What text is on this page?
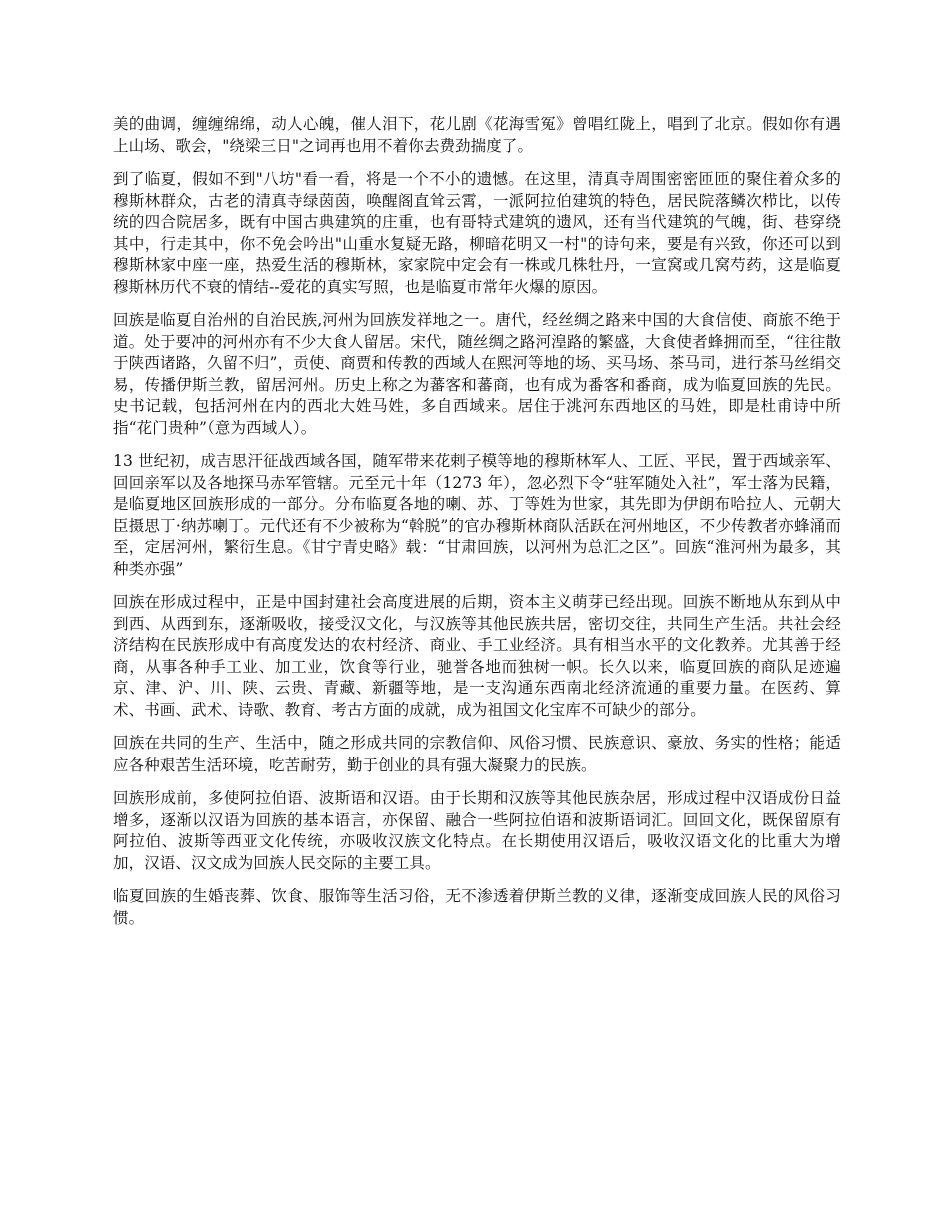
美的曲调，缠缠绵绵，动人心魄，催人泪下，花儿剧《花海雪冤》曾唱红陇上，唱到了北京。假如你有遇上山场、歌会，"绕梁三日"之词再也用不着你去费劲揣度了。

到了临夏，假如不到"八坊"看一看，将是一个不小的遗憾。在这里，清真寺周围密密匝匝的聚住着众多的穆斯林群众，古老的清真寺绿茵茵，唤醒阁直耸云霄，一派阿拉伯建筑的特色，居民院落鳞次栉比，以传统的四合院居多，既有中国古典建筑的庄重，也有哥特式建筑的遗风，还有当代建筑的气魄，街、巷穿绕其中，行走其中，你不免会吟出"山重水复疑无路，柳暗花明又一村"的诗句来，要是有兴致，你还可以到穆斯林家中座一座，热爱生活的穆斯林，家家院中定会有一株或几株牡丹，一宣窝或几窝芍药，这是临夏穆斯林历代不衰的情结--爱花的真实写照，也是临夏市常年火爆的原因。

回族是临夏自治州的自治民族,河州为回族发祥地之一。唐代，经丝绸之路来中国的大食信使、商旅不绝于道。处于要冲的河州亦有不少大食人留居。宋代，随丝绸之路河湟路的繁盛，大食使者蜂拥而至，“往往散于陕西诸路，久留不归”，贡使、商贾和传教的西域人在熙河等地的场、买马场、茶马司，进行茶马丝绢交易，传播伊斯兰教，留居河州。历史上称之为蕃客和蕃商，也有成为番客和番商，成为临夏回族的先民。史书记载，包括河州在内的西北大姓马姓，多自西域来。居住于洮河东西地区的马姓，即是杜甫诗中所指“花门贵种”（意为西域人）。

13 世纪初，成吉思汗征战西域各国，随军带来花剌子模等地的穆斯林军人、工匠、平民，置于西域亲军、回回亲军以及各地探马赤军管辖。元至元十年（1273 年），忽必烈下令“驻军随处入社”，军士落为民籍，是临夏地区回族形成的一部分。分布临夏各地的喇、苏、丁等姓为世家，其先即为伊朗布哈拉人、元朝大臣摄思丁·纳苏喇丁。元代还有不少被称为“斡脱”的官办穆斯林商队活跃在河州地区，不少传教者亦蜂涌而至，定居河州，繁衍生息。《甘宁青史略》载：“甘肃回族，以河州为总汇之区”。回族“淮河州为最多，其种类亦强”

回族在形成过程中，正是中国封建社会高度进展的后期，资本主义萌芽已经出现。回族不断地从东到从中到西、从西到东，逐渐吸收，接受汉文化，与汉族等其他民族共居，密切交往，共同生产生活。共社会经济结构在民族形成中有高度发达的农村经济、商业、手工业经济。具有相当水平的文化教养。尤其善于经商，从事各种手工业、加工业，饮食等行业，驰誉各地而独树一帜。长久以来，临夏回族的商队足迹遍京、津、沪、川、陕、云贵、青藏、新疆等地，是一支沟通东西南北经济流通的重要力量。在医药、算术、书画、武术、诗歌、教育、考古方面的成就，成为祖国文化宝库不可缺少的部分。

回族在共同的生产、生活中，随之形成共同的宗教信仰、风俗习惯、民族意识、豪放、务实的性格；能适应各种艰苦生活环境，吃苦耐劳，勤于创业的具有强大凝聚力的民族。

回族形成前，多使阿拉伯语、波斯语和汉语。由于长期和汉族等其他民族杂居，形成过程中汉语成份日益增多，逐渐以汉语为回族的基本语言，亦保留、融合一些阿拉伯语和波斯语词汇。回回文化，既保留原有阿拉伯、波斯等西亚文化传统，亦吸收汉族文化特点。在长期使用汉语后，吸收汉语文化的比重大为增加，汉语、汉文成为回族人民交际的主要工具。

临夏回族的生婚丧葬、饮食、服饰等生活习俗，无不渗透着伊斯兰教的义律，逐渐变成回族人民的风俗习惯。
